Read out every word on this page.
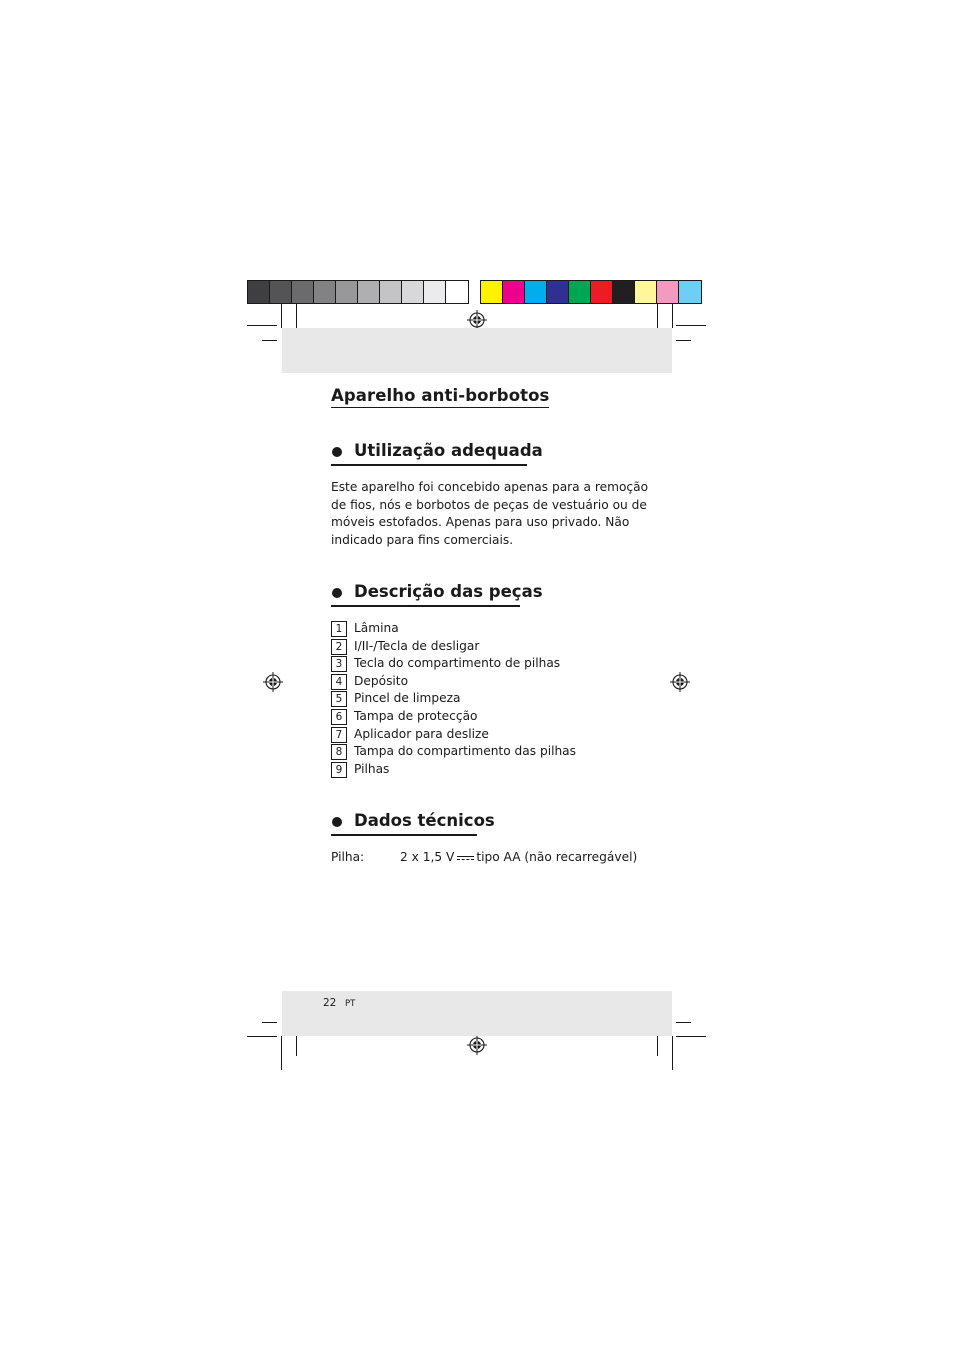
Aparelho anti-borbotos
Utilização adequada

Este aparelho foi concebido apenas para a remoção
de fios, nós e borbotos de peças de vestuário ou de
móveis estofados. Apenas para uso privado. Não
indicado para fins comerciais.

Descrição das peças
1 Lâmina
2 I/II-/Tecla de desligar
3 Tecla do compartimento de pilhas
4 Depósito
5 Pincel de limpeza
6 Tampa de protecção
7 Aplicador para deslize
8 Tampa do compartimento das pilhas
9 Pilhas
Dados técnicos
Pilha:	2 x 1,5 V tipo AA (não recarregável)
22 PT
